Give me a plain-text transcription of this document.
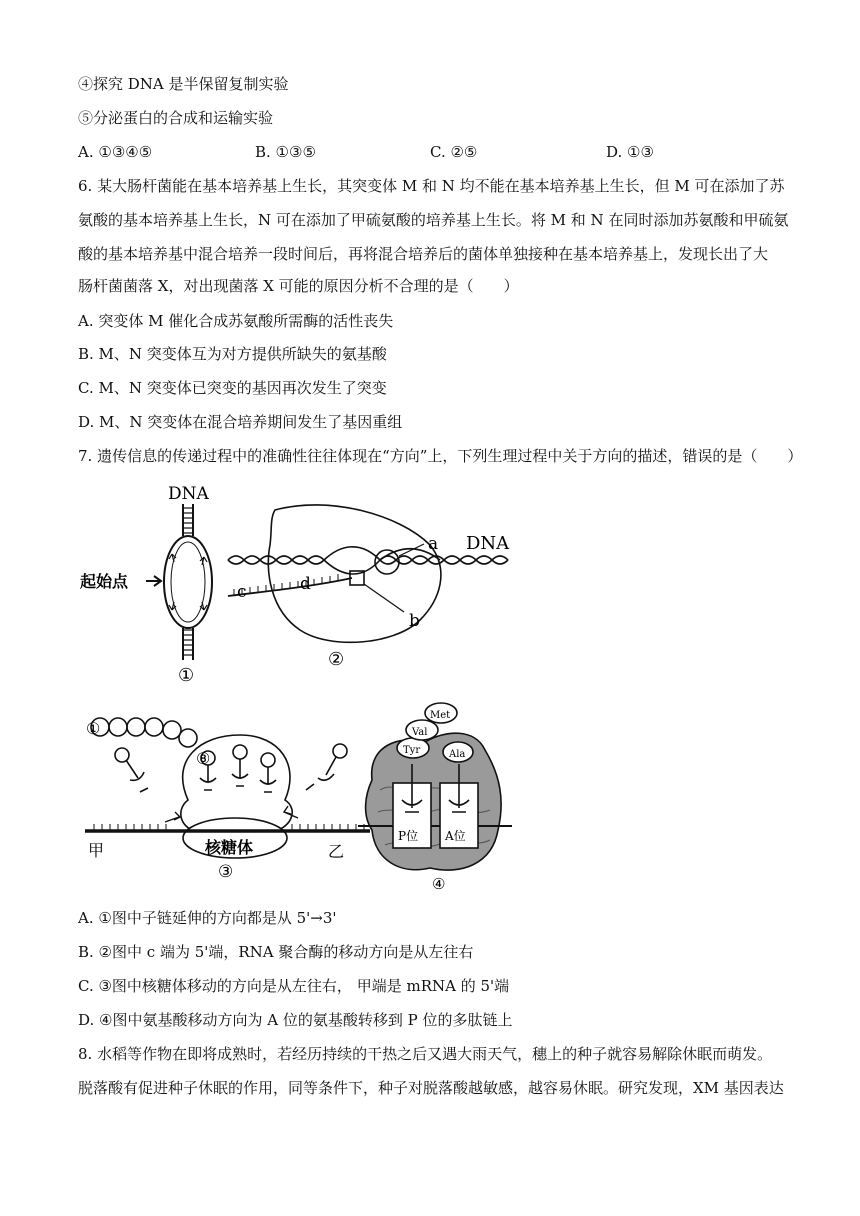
④探究 DNA 是半保留复制实验
⑤分泌蛋白的合成和运输实验
A. ①③④⑤	B. ①③⑤	C. ②⑤	D. ①③
6. 某大肠杆菌能在基本培养基上生长，其突变体 M 和 N 均不能在基本培养基上生长，但 M 可在添加了苏
氨酸的基本培养基上生长，N 可在添加了甲硫氨酸的培养基上生长。将 M 和 N 在同时添加苏氨酸和甲硫氨
酸的基本培养基中混合培养一段时间后，再将混合培养后的菌体单独接种在基本培养基上，发现长出了大
肠杆菌菌落 X，对出现菌落 X 可能的原因分析不合理的是（　　）
A. 突变体 M 催化合成苏氨酸所需酶的活性丧失
B. M、N 突变体互为对方提供所缺失的氨基酸
C. M、N 突变体已突变的基因再次发生了突变
D. M、N 突变体在混合培养期间发生了基因重组
7. 遗传信息的传递过程中的准确性往往体现在“方向”上，下列生理过程中关于方向的描述，错误的是（　　）
DNA
起始点
①
a
b
c	d
DNA
②
①
⑧
核糖体
甲	乙
③
Met
Val
Tyr	Ala
P位 A位
④
A. ①图中子链延伸的方向都是从 5'→3'
B. ②图中 c 端为 5'端，RNA 聚合酶的移动方向是从左往右
C. ③图中核糖体移动的方向是从左往右， 甲端是 mRNA 的 5'端
D. ④图中氨基酸移动方向为 A 位的氨基酸转移到 P 位的多肽链上
8. 水稻等作物在即将成熟时，若经历持续的干热之后又遇大雨天气，穗上的种子就容易解除休眠而萌发。
脱落酸有促进种子休眠的作用，同等条件下，种子对脱落酸越敏感，越容易休眠。研究发现，XM 基因表达
